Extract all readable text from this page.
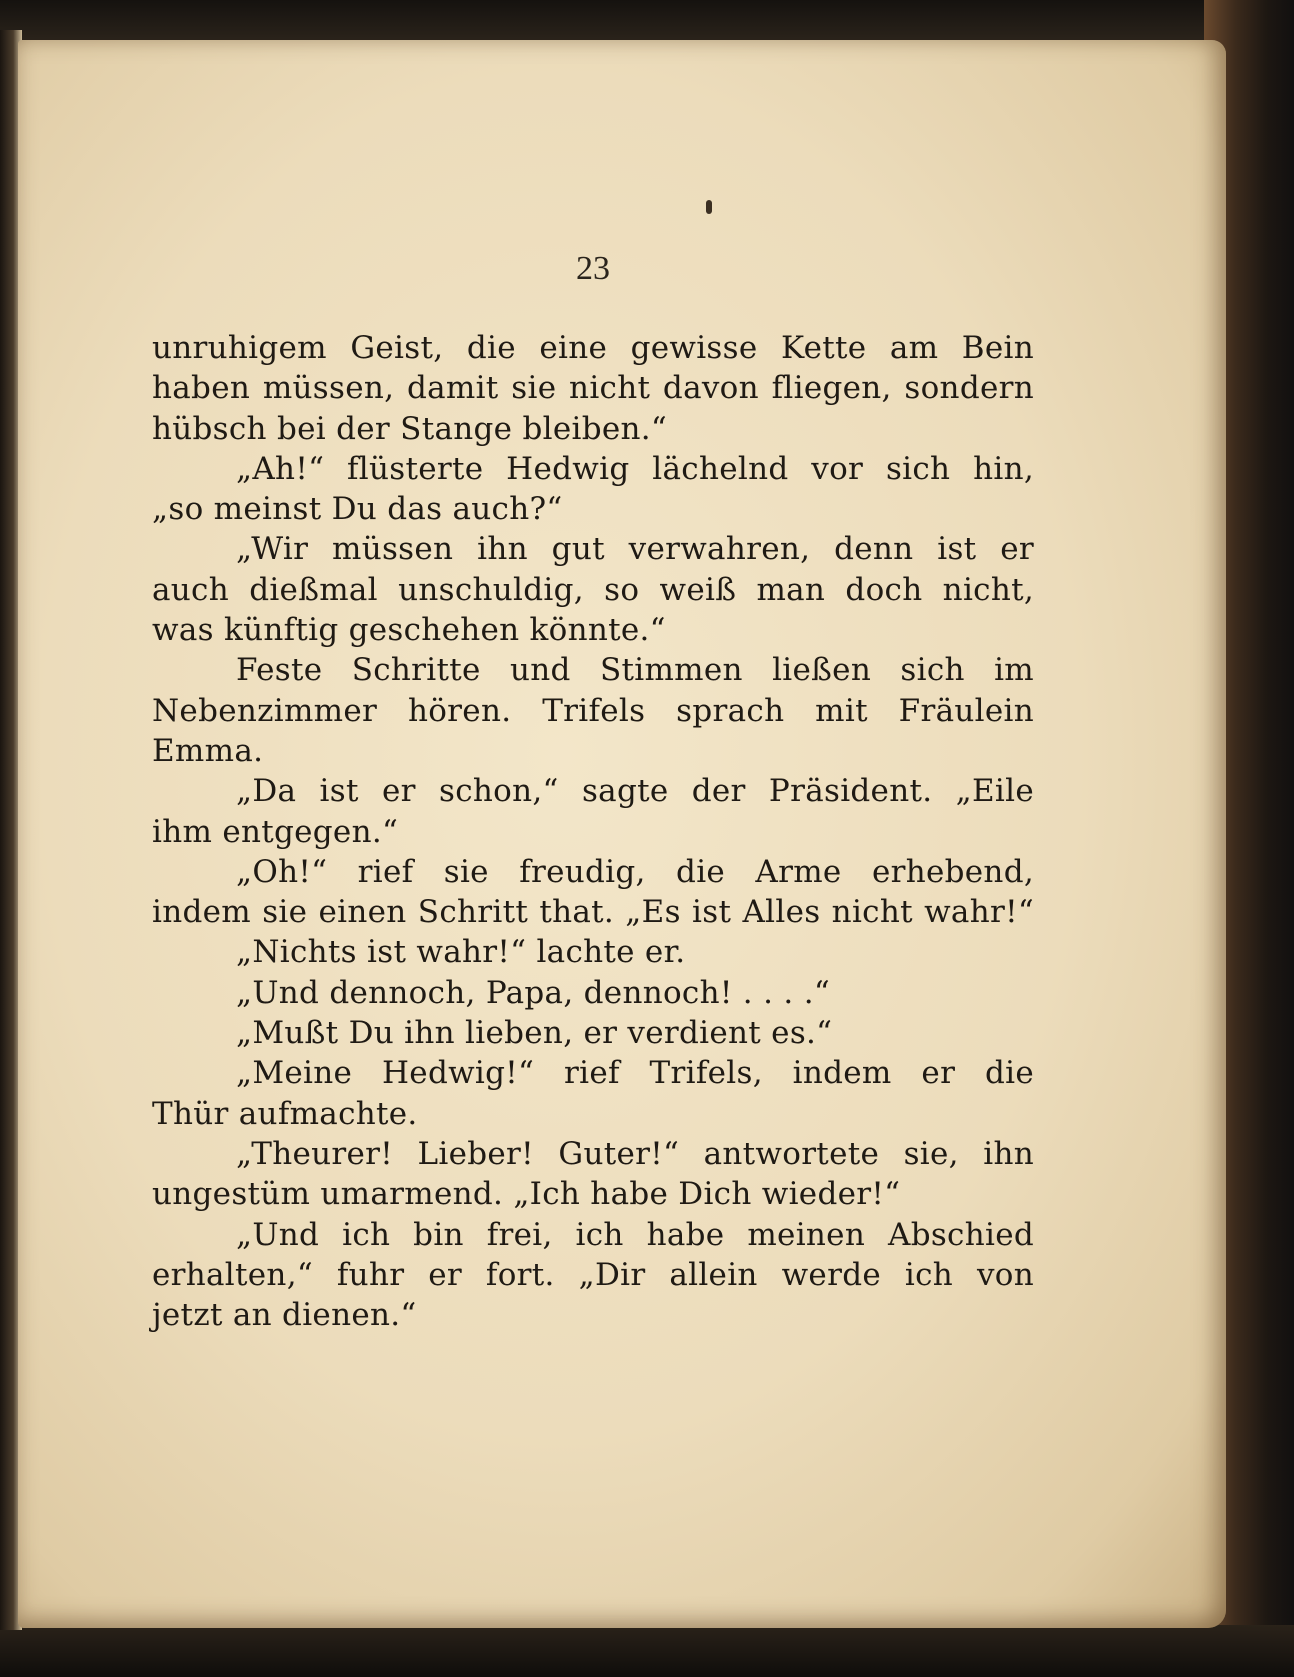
23
unruhigem Geist, die eine gewisse Kette am Bein
haben müssen, damit sie nicht davon fliegen, sondern
hübsch bei der Stange bleiben.“
„Ah!“ flüsterte Hedwig lächelnd vor sich hin,
„so meinst Du das auch?“
„Wir müssen ihn gut verwahren, denn ist er
auch dießmal unschuldig, so weiß man doch nicht,
was künftig geschehen könnte.“
Feste Schritte und Stimmen ließen sich im
Nebenzimmer hören. Trifels sprach mit Fräulein
Emma.
„Da ist er schon,“ sagte der Präsident. „Eile
ihm entgegen.“
„Oh!“ rief sie freudig, die Arme erhebend,
indem sie einen Schritt that. „Es ist Alles nicht wahr!“
„Nichts ist wahr!“ lachte er.
„Und dennoch, Papa, dennoch! . . . .“
„Mußt Du ihn lieben, er verdient es.“
„Meine Hedwig!“ rief Trifels, indem er die
Thür aufmachte.
„Theurer! Lieber! Guter!“ antwortete sie, ihn
ungestüm umarmend. „Ich habe Dich wieder!“
„Und ich bin frei, ich habe meinen Abschied
erhalten,“ fuhr er fort. „Dir allein werde ich von
jetzt an dienen.“
